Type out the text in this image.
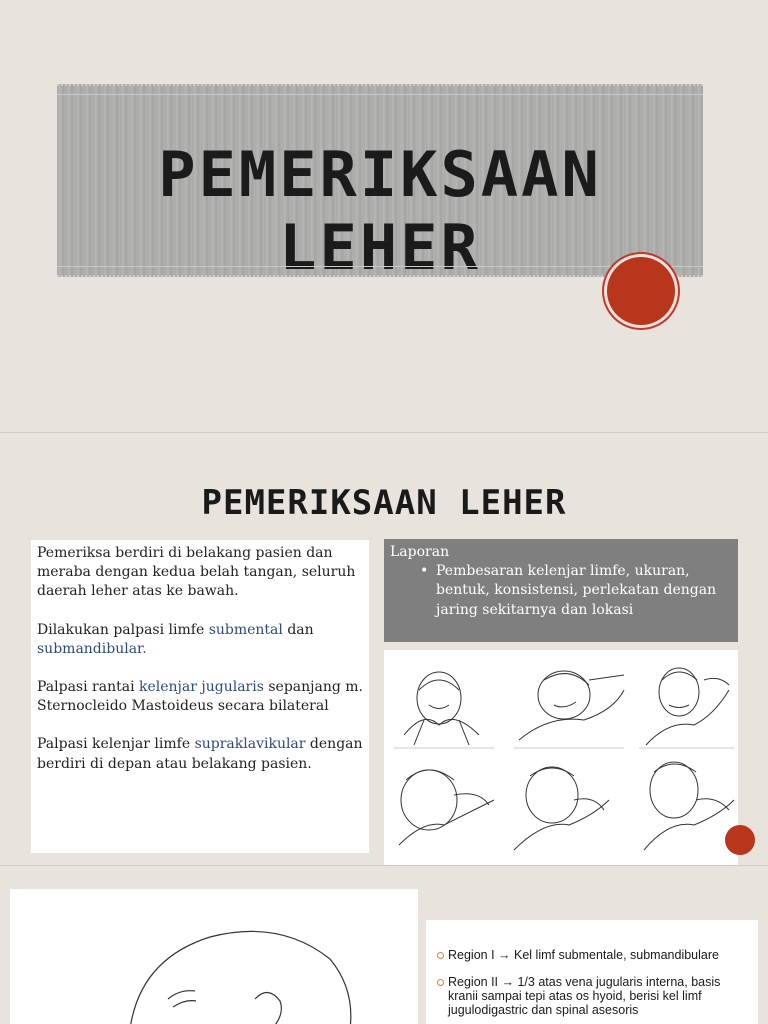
PEMERIKSAAN LEHER
PEMERIKSAAN LEHER

Pemeriksa berdiri di belakang pasien dan meraba dengan kedua belah tangan, seluruh daerah leher atas ke bawah.

Dilakukan palpasi limfe submental dan submandibular.

Palpasi rantai kelenjar jugularis sepanjang m. Sternocleido Mastoideus secara bilateral

Palpasi kelenjar limfe supraklavikular dengan berdiri di depan atau belakang pasien.

Laporan
• Pembesaran kelenjar limfe, ukuran, bentuk, konsistensi, perlekatan dengan jaring sekitarnya dan lokasi
Region I → Kel limf submentale, submandibulare
Region II → 1/3 atas vena jugularis interna, basis kranii sampai tepi atas os hyoid, berisi kel limf jugulodigastric dan spinal asesoris
